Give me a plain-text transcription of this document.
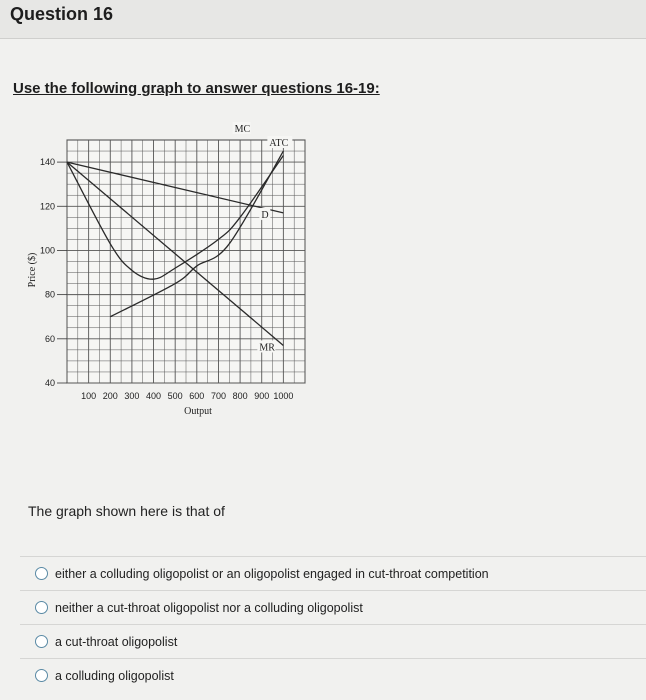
Question 16
Use the following graph to answer questions 16-19:
40
60
80
100
120
140
100 200 300 400 500 600 700 800 900 1000
D
MR
MC
ATC
Price ($)
Output
The graph shown here is that of
either a colluding oligopolist or an oligopolist engaged in cut-throat competition
neither a cut-throat oligopolist nor a colluding oligopolist
a cut-throat oligopolist
a colluding oligopolist
